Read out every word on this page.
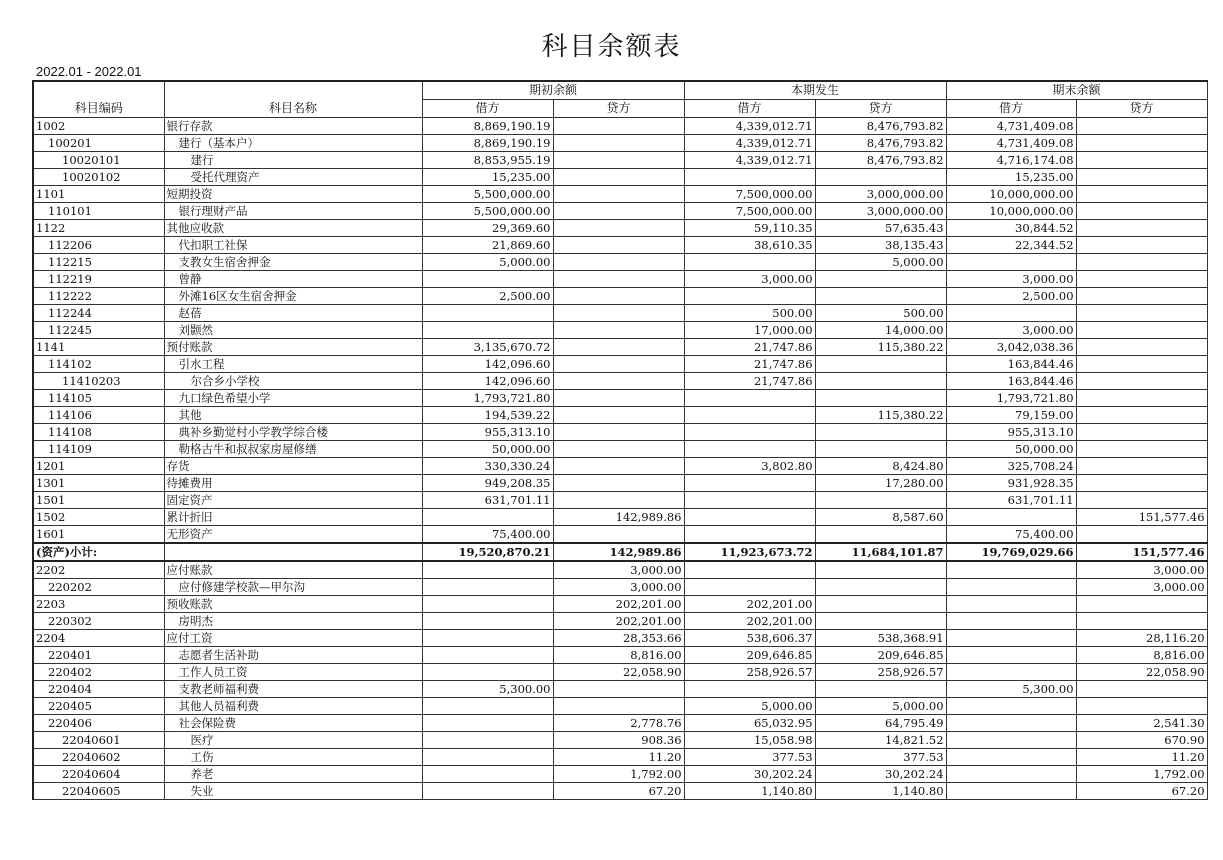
科目余额表
2022.01 - 2022.01
科目编码	科目名称	期初余额		本期发生		期末余额	
		借方	贷方	借方	贷方	借方	贷方
1002	银行存款	8,869,190.19		4,339,012.71	8,476,793.82	4,731,409.08	
100201	建行（基本户）	8,869,190.19		4,339,012.71	8,476,793.82	4,731,409.08	
10020101	建行	8,853,955.19		4,339,012.71	8,476,793.82	4,716,174.08	
10020102	受托代理资产	15,235.00				15,235.00	
1101	短期投资	5,500,000.00		7,500,000.00	3,000,000.00	10,000,000.00	
110101	银行理财产品	5,500,000.00		7,500,000.00	3,000,000.00	10,000,000.00	
1122	其他应收款	29,369.60		59,110.35	57,635.43	30,844.52	
112206	代扣职工社保	21,869.60		38,610.35	38,135.43	22,344.52	
112215	支教女生宿舍押金	5,000.00			5,000.00		
112219	曾静			3,000.00		3,000.00	
112222	外滩16区女生宿舍押金	2,500.00				2,500.00	
112244	赵蓓			500.00	500.00		
112245	刘颢然			17,000.00	14,000.00	3,000.00	
1141	预付账款	3,135,670.72		21,747.86	115,380.22	3,042,038.36	
114102	引水工程	142,096.60		21,747.86		163,844.46	
11410203	尔合乡小学校	142,096.60		21,747.86		163,844.46	
114105	九口绿色希望小学	1,793,721.80				1,793,721.80	
114106	其他	194,539.22			115,380.22	79,159.00	
114108	典补乡勤觉村小学教学综合楼	955,313.10				955,313.10	
114109	勒格古牛和叔叔家房屋修缮	50,000.00				50,000.00	
1201	存货	330,330.24		3,802.80	8,424.80	325,708.24	
1301	待摊费用	949,208.35			17,280.00	931,928.35	
1501	固定资产	631,701.11				631,701.11	
1502	累计折旧		142,989.86		8,587.60		151,577.46
1601	无形资产	75,400.00				75,400.00	
(资产)小计:		19,520,870.21	142,989.86	11,923,673.72	11,684,101.87	19,769,029.66	151,577.46
2202	应付账款		3,000.00				3,000.00
220202	应付修建学校款—甲尔沟		3,000.00				3,000.00
2203	预收账款		202,201.00	202,201.00			
220302	房明杰		202,201.00	202,201.00			
2204	应付工资		28,353.66	538,606.37	538,368.91		28,116.20
220401	志愿者生活补助		8,816.00	209,646.85	209,646.85		8,816.00
220402	工作人员工资		22,058.90	258,926.57	258,926.57		22,058.90
220404	支教老师福利费	5,300.00				5,300.00	
220405	其他人员福利费			5,000.00	5,000.00		
220406	社会保险费		2,778.76	65,032.95	64,795.49		2,541.30
22040601	医疗		908.36	15,058.98	14,821.52		670.90
22040602	工伤		11.20	377.53	377.53		11.20
22040604	养老		1,792.00	30,202.24	30,202.24		1,792.00
22040605	失业		67.20	1,140.80	1,140.80		67.20
